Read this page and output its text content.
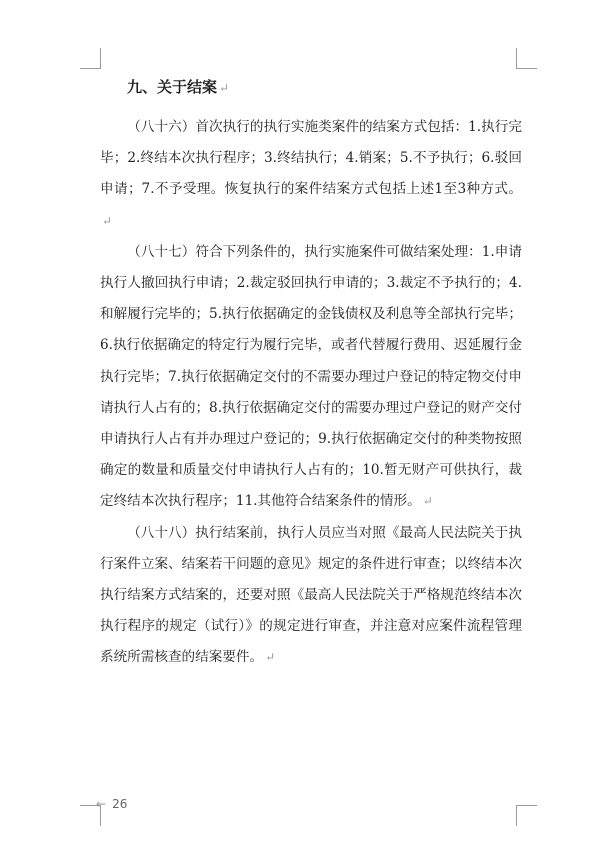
九、关于结案 ↵

（八十六）首次执行的执行实施类案件的结案方式包括：1.执行完毕；2.终结本次执行程序；3.终结执行；4.销案；5.不予执行；6.驳回申请；7.不予受理。恢复执行的案件结案方式包括上述1至3种方式。↵

（八十七）符合下列条件的，执行实施案件可做结案处理：1.申请执行人撤回执行申请；2.裁定驳回执行申请的；3.裁定不予执行的；4.和解履行完毕的；5.执行依据确定的金钱债权及利息等全部执行完毕；6.执行依据确定的特定行为履行完毕，或者代替履行费用、迟延履行金执行完毕；7.执行依据确定交付的不需要办理过户登记的特定物交付申请执行人占有的；8.执行依据确定交付的需要办理过户登记的财产交付申请执行人占有并办理过户登记的；9.执行依据确定交付的种类物按照确定的数量和质量交付申请执行人占有的；10.暂无财产可供执行，裁定终结本次执行程序；11.其他符合结案条件的情形。 ↵

（八十八）执行结案前，执行人员应当对照《最高人民法院关于执行案件立案、结案若干问题的意见》规定的条件进行审查；以终结本次执行结案方式结案的，还要对照《最高人民法院关于严格规范终结本次执行程序的规定（试行）》的规定进行审查，并注意对应案件流程管理系统所需核查的结案要件。 ↵

← 26
